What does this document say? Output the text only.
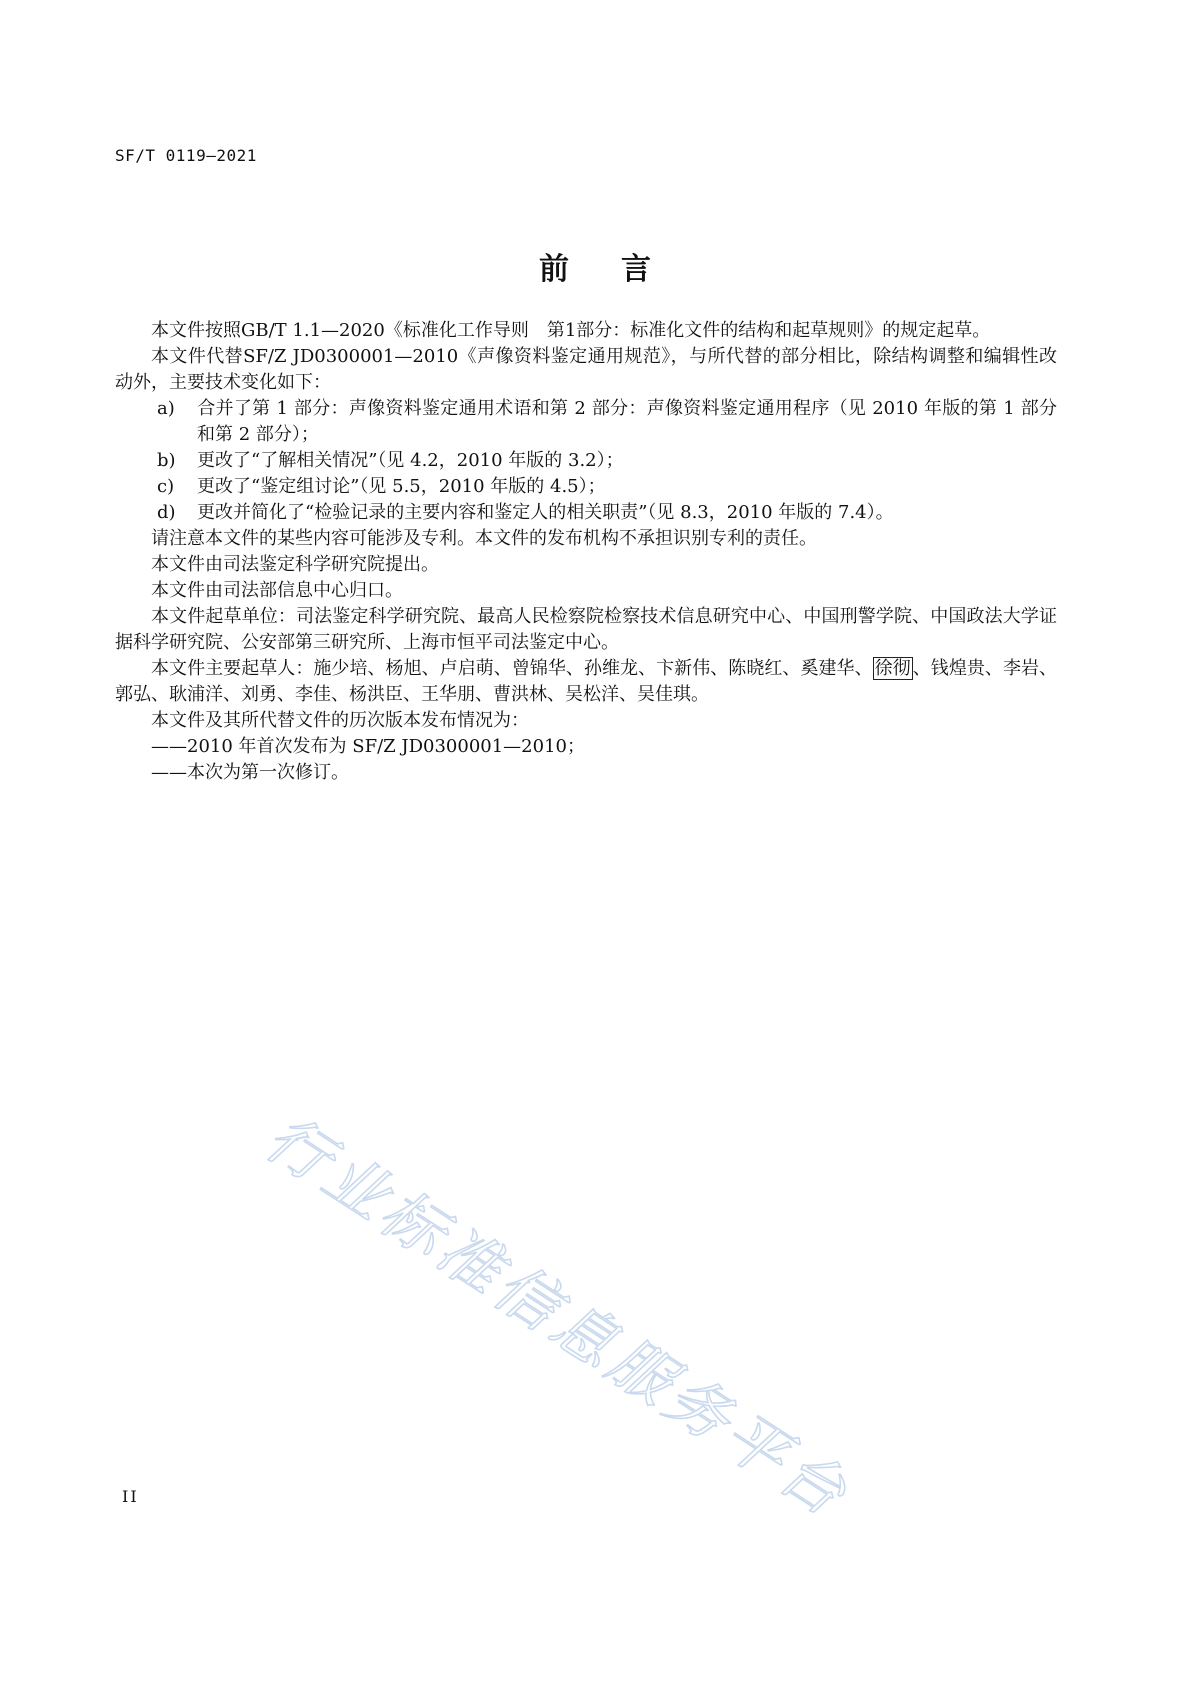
SF/T 0119—2021
前言

本文件按照GB/T 1.1—2020《标准化工作导则　第1部分：标准化文件的结构和起草规则》的规定起草。

本文件代替SF/Z JD0300001—2010《声像资料鉴定通用规范》，与所代替的部分相比，除结构调整和编辑性改动外，主要技术变化如下：

a) 合并了第 1 部分：声像资料鉴定通用术语和第 2 部分：声像资料鉴定通用程序（见 2010 年版的第 1 部分和第 2 部分）；

b) 更改了“了解相关情况”（见 4.2，2010 年版的 3.2）；

c) 更改了“鉴定组讨论”（见 5.5，2010 年版的 4.5）；

d) 更改并简化了“检验记录的主要内容和鉴定人的相关职责”（见 8.3，2010 年版的 7.4）。

请注意本文件的某些内容可能涉及专利。本文件的发布机构不承担识别专利的责任。

本文件由司法鉴定科学研究院提出。

本文件由司法部信息中心归口。

本文件起草单位：司法鉴定科学研究院、最高人民检察院检察技术信息研究中心、中国刑警学院、中国政法大学证据科学研究院、公安部第三研究所、上海市恒平司法鉴定中心。

本文件主要起草人：施少培、杨旭、卢启萌、曾锦华、孙维龙、卞新伟、陈晓红、奚建华、 徐彻 、钱煌贵、李岩、郭弘、耿浦洋、刘勇、李佳、杨洪臣、王华朋、曹洪林、吴松洋、吴佳琪。

本文件及其所代替文件的历次版本发布情况为：

——2010 年首次发布为 SF/Z JD0300001—2010；

——本次为第一次修订。

行业标准信息服务平台
II
